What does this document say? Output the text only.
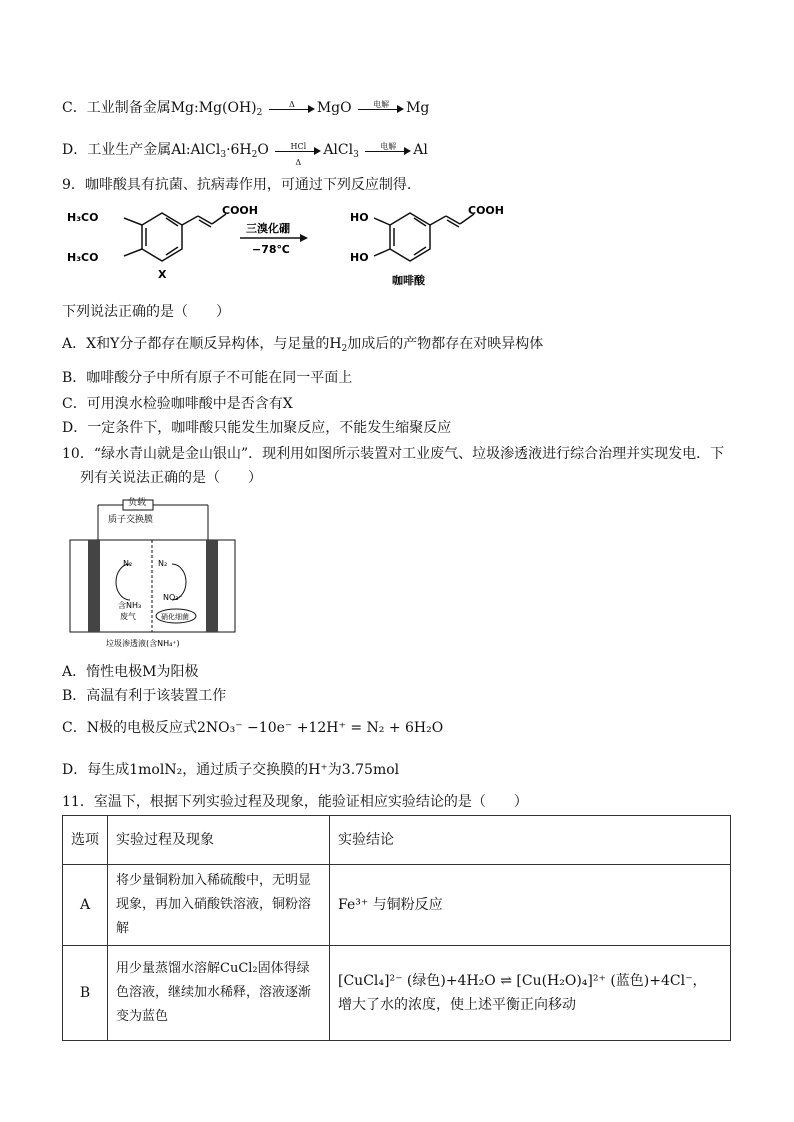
C．工业制备金属$Mg:Mg(OH)_2$
Δ	MgO	电解	Mg
D．工业生产金属$Al:AlCl_3\cdot 6H_2O$	HCl
Δ
AlCl$_3$
电解	Al
9．咖啡酸具有抗菌、抗病毒作用，可通过下列反应制得.
H₃CO
H₃CO
COOH
X
三溴化硼
−78℃
HO
HO
COOH
咖啡酸
下列说法正确的是（　　）
A．X和Y分子都存在顺反异构体，与足量的$H_2$加成后的产物都存在对映异构体
B．咖啡酸分子中所有原子不可能在同一平面上
C．可用溴水检验咖啡酸中是否含有X
D．一定条件下，咖啡酸只能发生加聚反应，不能发生缩聚反应
10．“绿水青山就是金山银山”．现利用如图所示装置对工业废气、垃圾渗透液进行综合治理并实现发电．下
列有关说法正确的是（　　）
质子交换膜
N₂	N₂
NO₃⁻
含NH₃
废气	硝化细菌
垃圾渗透液(含NH₄⁺)
负载
A．惰性电极M为阳极
B．高温有利于该装置工作
C．N极的电极反应式2NO₃⁻ −10e⁻ +12H⁺ = N₂ + 6H₂O
D．每生成1molN₂，通过质子交换膜的H⁺为3.75mol
11．室温下，根据下列实验过程及现象，能验证相应实验结论的是（　　）
选项	实验过程及现象	实验结论
A	将少量铜粉加入稀硫酸中，无明显现象，再加入硝酸铁溶液，铜粉溶解	Fe³⁺ 与铜粉反应
B	用少量蒸馏水溶解CuCl₂固体得绿色溶液，继续加水稀释，溶液逐渐变为蓝色	[CuCl₄]²⁻ (绿色)+4H₂O ⇌ [Cu(H₂O)₄]²⁺ (蓝色)+4Cl⁻，
增大了水的浓度，使上述平衡正向移动
